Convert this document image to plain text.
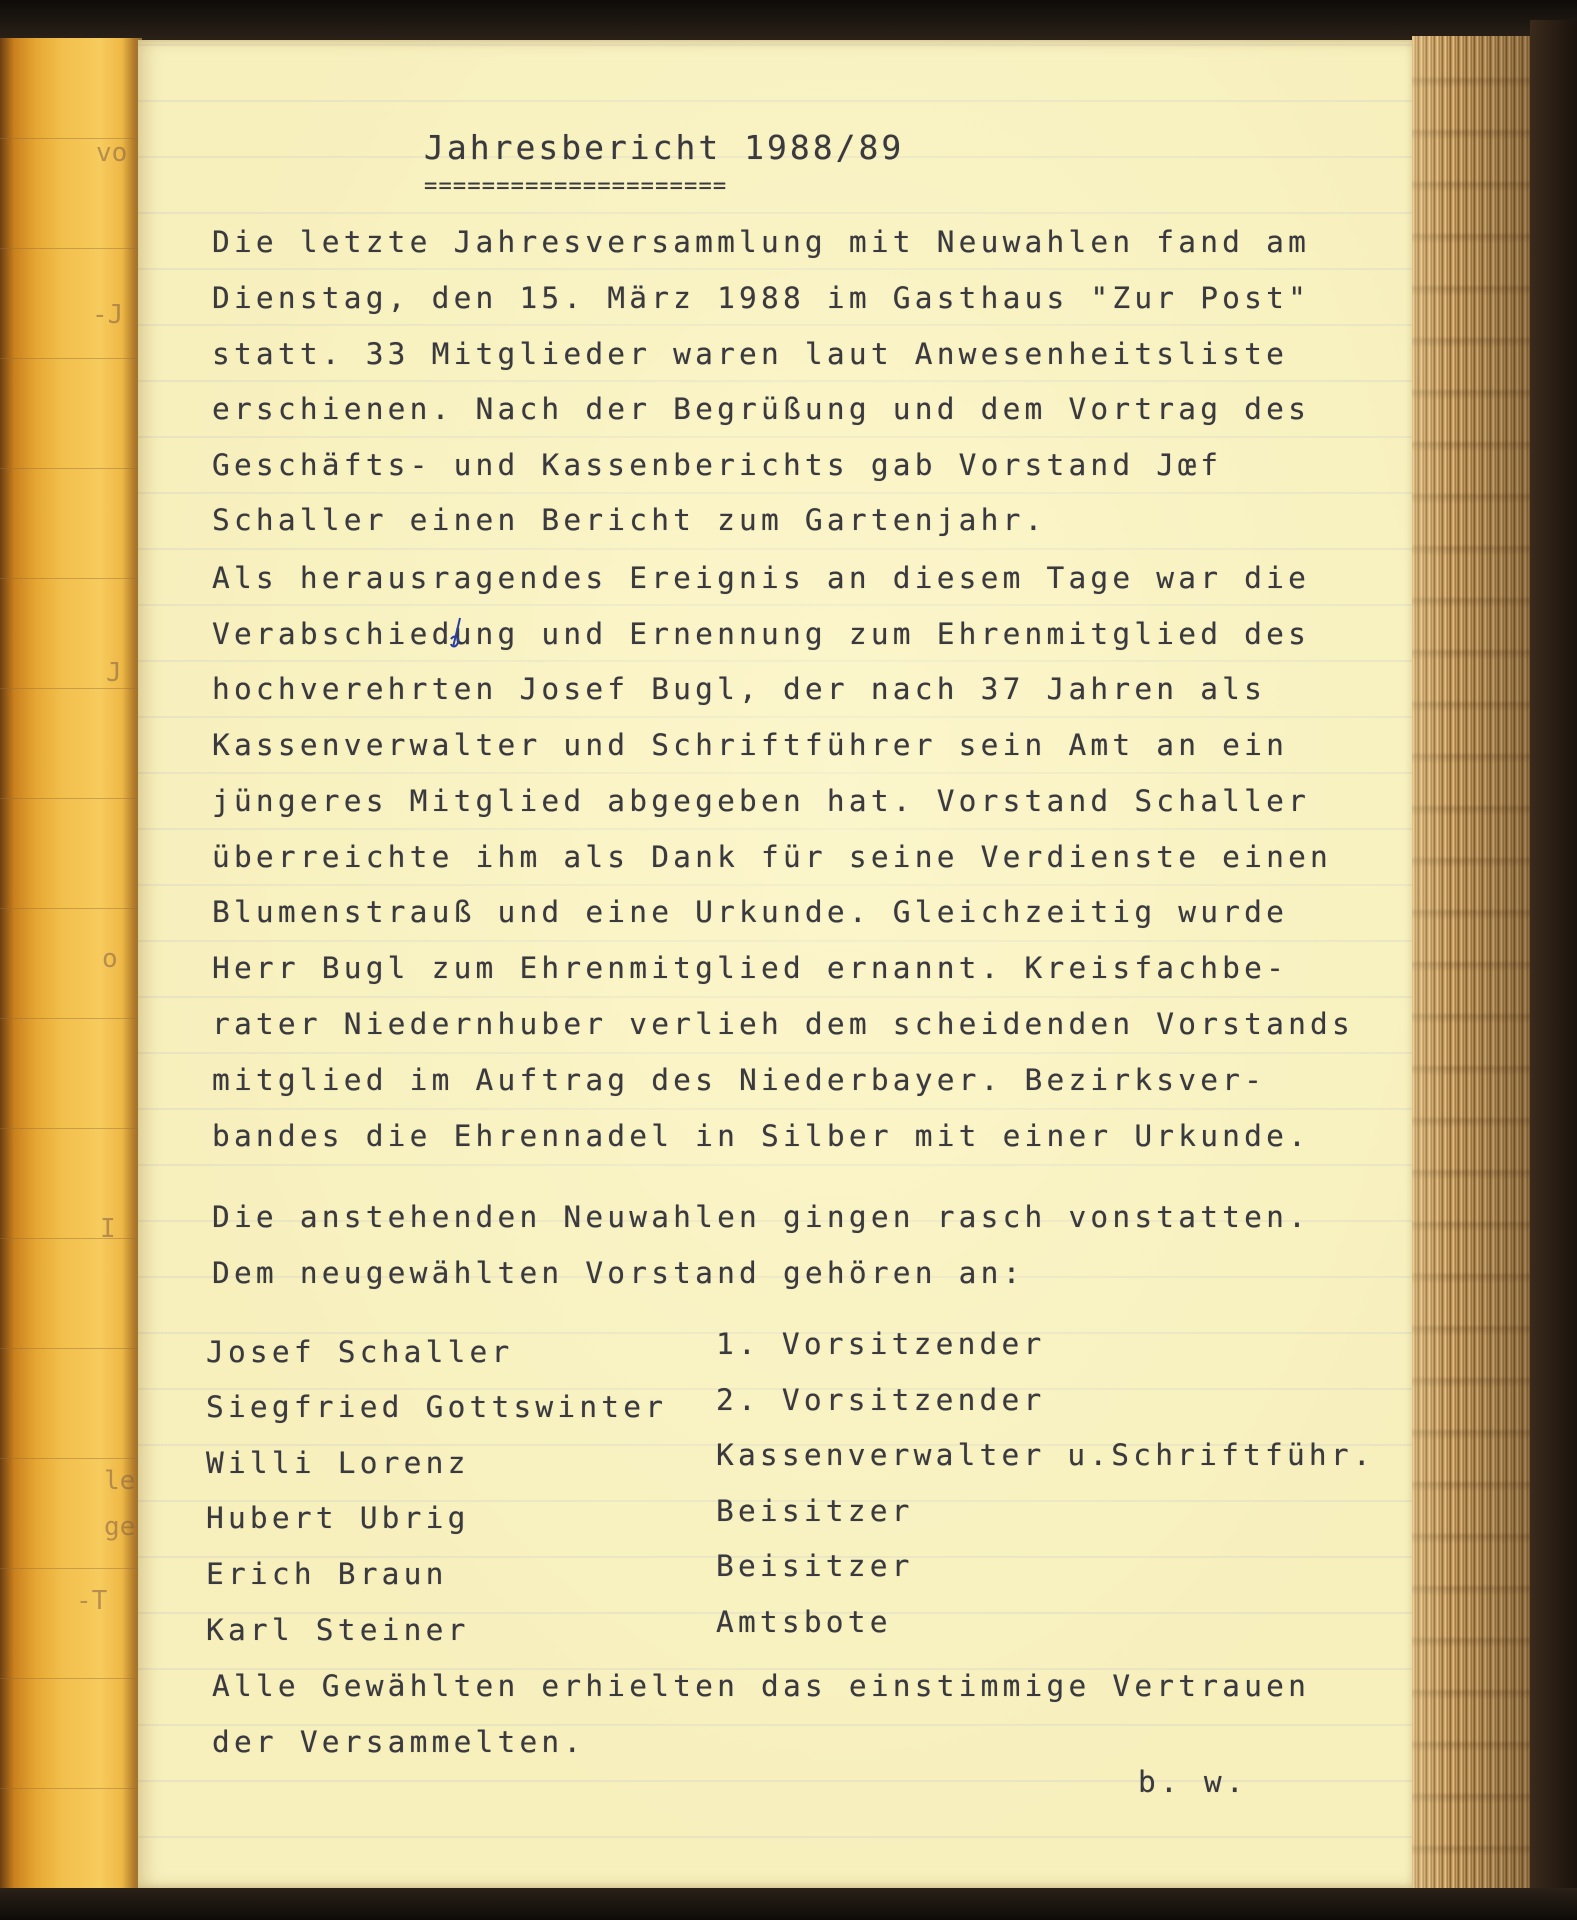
vo
-J
J
o
I
le
ge
-T
Jahresbericht 1988/89
=====================
Die letzte Jahresversammlung mit Neuwahlen fand am
Dienstag, den 15. März 1988 im Gasthaus "Zur Post"
statt. 33 Mitglieder waren laut Anwesenheitsliste
erschienen. Nach der Begrüßung und dem Vortrag des
Geschäfts- und Kassenberichts gab Vorstand Jœf
Schaller einen Bericht zum Gartenjahr.
Als herausragendes Ereignis an diesem Tage war die
Verabschiedung und Ernennung zum Ehrenmitglied des
hochverehrten Josef Bugl, der nach 37 Jahren als
Kassenverwalter und Schriftführer sein Amt an ein
jüngeres Mitglied abgegeben hat. Vorstand Schaller
überreichte ihm als Dank für seine Verdienste einen
Blumenstrauß und eine Urkunde. Gleichzeitig wurde
Herr Bugl zum Ehrenmitglied ernannt. Kreisfachbe-
rater Niedernhuber verlieh dem scheidenden Vorstands
mitglied im Auftrag des Niederbayer. Bezirksver-
bandes die Ehrennadel in Silber mit einer Urkunde.
Die anstehenden Neuwahlen gingen rasch vonstatten.
Dem neugewählten Vorstand gehören an:
Josef Schaller	1. Vorsitzender
Siegfried Gottswinter 2. Vorsitzender
Willi Lorenz	Kassenverwalter u.Schriftführ.
Hubert Ubrig	Beisitzer
Erich Braun	Beisitzer
Karl Steiner	Amtsbote
Alle Gewählten erhielten das einstimmige Vertrauen
der Versammelten.
b. w.
